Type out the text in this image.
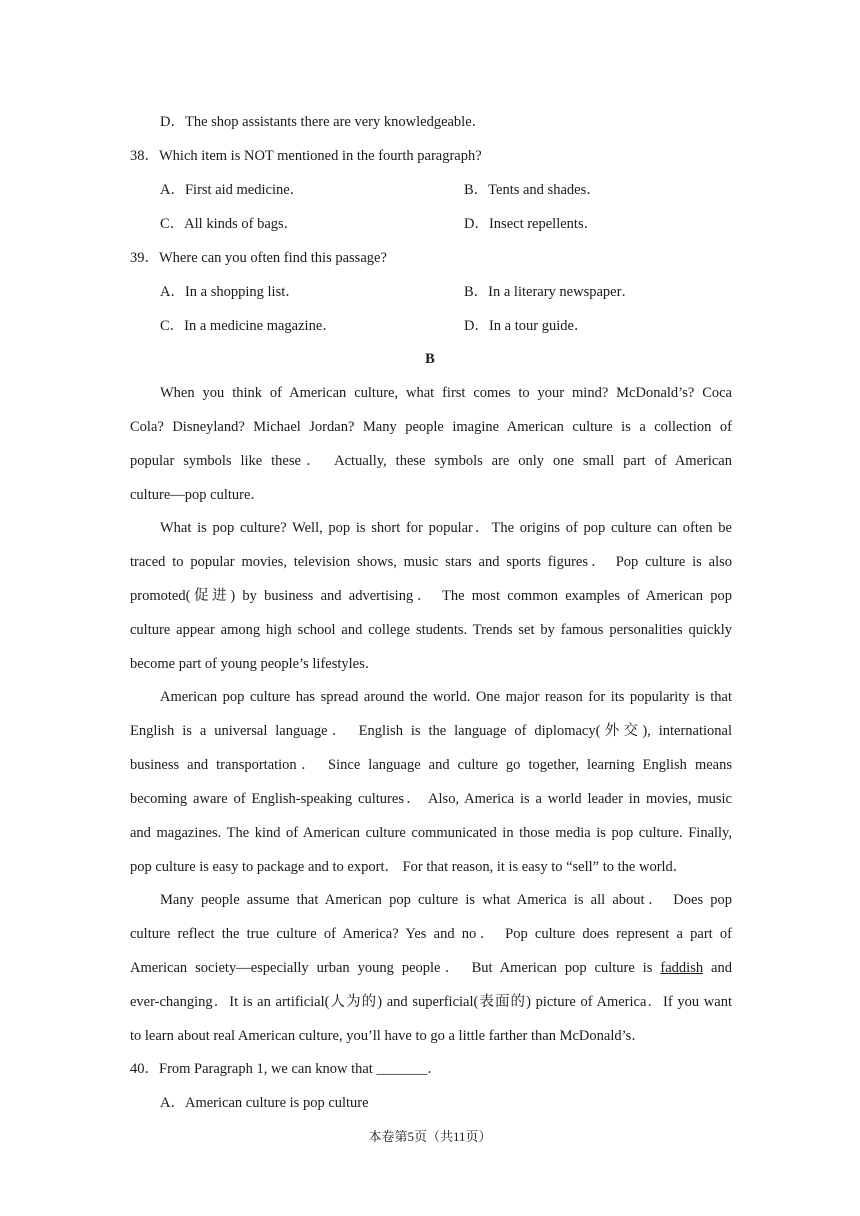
D．The shop assistants there are very knowledgeable．
38．Which item is NOT mentioned in the fourth paragraph?
A．First aid medicine．	B．Tents and shades．
C．All kinds of bags．	D．Insect repellents．
39．Where can you often find this passage?
A．In a shopping list．	B．In a literary newspaper．
C．In a medicine magazine．	D．In a tour guide．
B
When you think of American culture, what first comes to your mind? McDonald’s? Coca
Cola? Disneyland? Michael Jordan? Many people imagine American culture is a collection of
popular symbols like these． Actually, these symbols are only one small part of American
culture—pop culture．
What is pop culture? Well, pop is short for popular．The origins of pop culture can often be
traced to popular movies, television shows, music stars and sports figures． Pop culture is also
promoted(促进) by business and advertising． The most common examples of American pop
culture appear among high school and college students. Trends set by famous personalities quickly
become part of young people’s lifestyles．
American pop culture has spread around the world. One major reason for its popularity is that
English is a universal language． English is the language of diplomacy(外交), international
business and transportation． Since language and culture go together, learning English means
becoming aware of English-speaking cultures． Also, America is a world leader in movies, music
and magazines. The kind of American culture communicated in those media is pop culture. Finally,
pop culture is easy to package and to export． For that reason, it is easy to “sell” to the world．
Many people assume that American pop culture is what America is all about． Does pop
culture reflect the true culture of America? Yes and no． Pop culture does represent a part of
American society—especially urban young people． But American pop culture is faddish and
ever-changing．It is an artificial(人为的) and superficial(表面的) picture of America．If you want
to learn about real American culture, you’ll have to go a little farther than McDonald’s．
40．From Paragraph 1, we can know that _______．
A．American culture is pop culture
本卷第5页（共11页）
